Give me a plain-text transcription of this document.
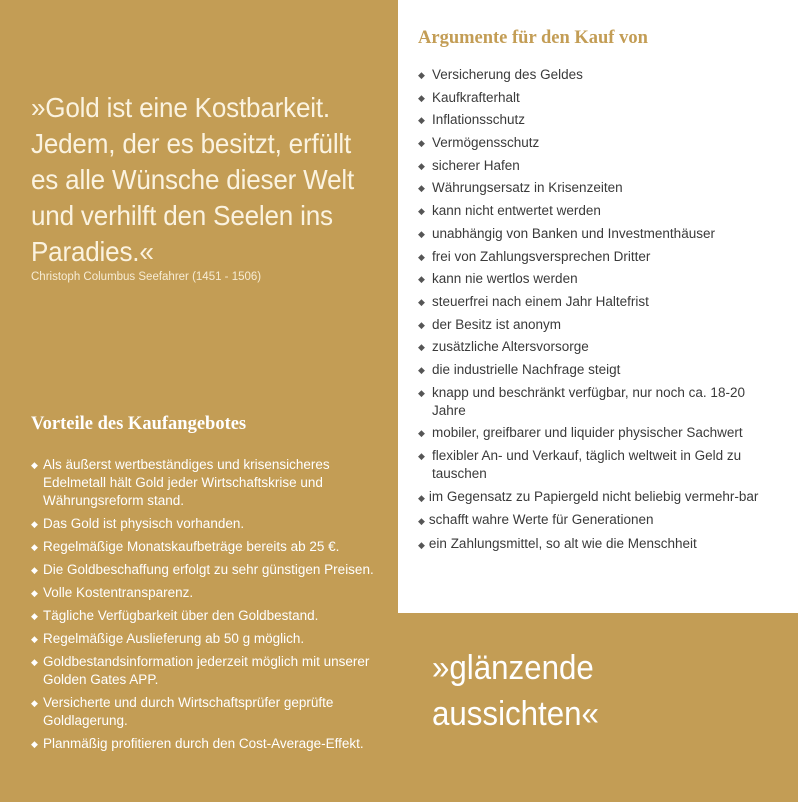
»Gold ist eine Kostbarkeit. Jedem, der es besitzt, erfüllt es alle Wünsche dieser Welt und verhilft den Seelen ins Paradies.«
Christoph Columbus Seefahrer (1451 - 1506)
Vorteile des Kaufangebotes
◆ Als äußerst wertbeständiges und krisensicheres Edelmetall hält Gold jeder Wirtschaftskrise und Währungsreform stand.
◆ Das Gold ist physisch vorhanden.
◆ Regelmäßige Monatskaufbeträge bereits ab 25 €.
◆ Die Goldbeschaffung erfolgt zu sehr günstigen Preisen.
◆ Volle Kostentransparenz.
◆ Tägliche Verfügbarkeit über den Goldbestand.
◆ Regelmäßige Auslieferung ab 50 g möglich.
◆ Goldbestandsinformation jederzeit möglich mit unserer Golden Gates APP.
◆ Versicherte und durch Wirtschaftsprüfer geprüfte Goldlagerung.
◆ Planmäßig profitieren durch den Cost-Average-Effekt.
Argumente für den Kauf von
◆ Versicherung des Geldes
◆ Kaufkrafterhalt
◆ Inflationsschutz
◆ Vermögensschutz
◆ sicherer Hafen
◆ Währungsersatz in Krisenzeiten
◆ kann nicht entwertet werden
◆ unabhängig von Banken und Investmenthäuser
◆ frei von Zahlungsversprechen Dritter
◆ kann nie wertlos werden
◆ steuerfrei nach einem Jahr Haltefrist
◆ der Besitz ist anonym
◆ zusätzliche Altersvorsorge
◆ die industrielle Nachfrage steigt
◆ knapp und beschränkt verfügbar, nur noch ca. 18-20 Jahre
◆ mobiler, greifbarer und liquider physischer Sachwert
◆ flexibler An- und Verkauf, täglich weltweit in Geld zu tauschen
◆ im Gegensatz zu Papiergeld nicht beliebig vermehr-bar
◆ schafft wahre Werte für Generationen
◆ ein Zahlungsmittel, so alt wie die Menschheit
»glänzende aussichten«
